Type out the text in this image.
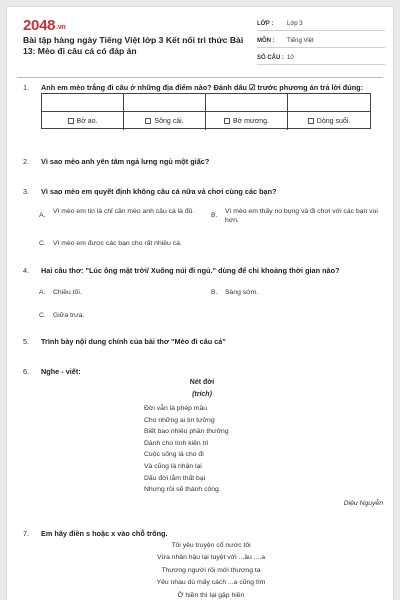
2048.vn
Bài tập hàng ngày Tiếng Việt lớp 3 Kết nối tri thức Bài 13: Mèo đi câu cá có đáp án
LỚP :	Lớp 3
MÔN :	Tiếng Việt
SỐ CÂU : 10
1.	Anh em mèo trắng đi câu ở những địa điểm nào? Đánh dấu ☑ trước phương án trả lời đúng:
Bờ ao.	Sông cái.	Bờ mương.	Dòng suối.
2.	Vì sao mèo anh yên tâm ngả lưng ngủ một giấc?
3.	Vì sao mèo em quyết định không câu cá nữa và chơi cùng các bạn?
A.
Vì mèo em tin là chỉ cần mèo anh câu cá là đủ.
B.
Vì mèo em thấy no bụng và đi chơi với các bạn vui hơn.
C. Vì mèo em được các bạn cho rất nhiều cá.
4.	Hai câu thơ: "Lúc ông mặt trời/ Xuống núi đi ngủ." dùng để chỉ khoảng thời gian nào?
A. Chiều tối.	B. Sáng sớm.
C. Giữa trưa.
5.	Trình bày nội dung chính của bài thơ "Mèo đi câu cá"
6.	Nghe - viết:
Nét đời
(trích)
Đời vẫn là phép mầu
Cho những ai tin tưởng
Biết bao nhiêu phần thưởng
Dành cho tính kiên trì
Cuộc sống là cho đi
Và cũng là nhận lại
Dấu đời lắm thất bại
Nhưng rồi sẽ thành công.
Diệu Nguyễn
7.	Em hãy điền s hoặc x vào chỗ trống.
Tôi yêu truyện cổ nước tôi
Vừa nhân hậu lại tuyệt vời ...âu ....a
Thương người rồi mới thương ta
Yêu nhau dù mấy cách ...a cũng tìm
Ở hiền thì lại gặp hiền
